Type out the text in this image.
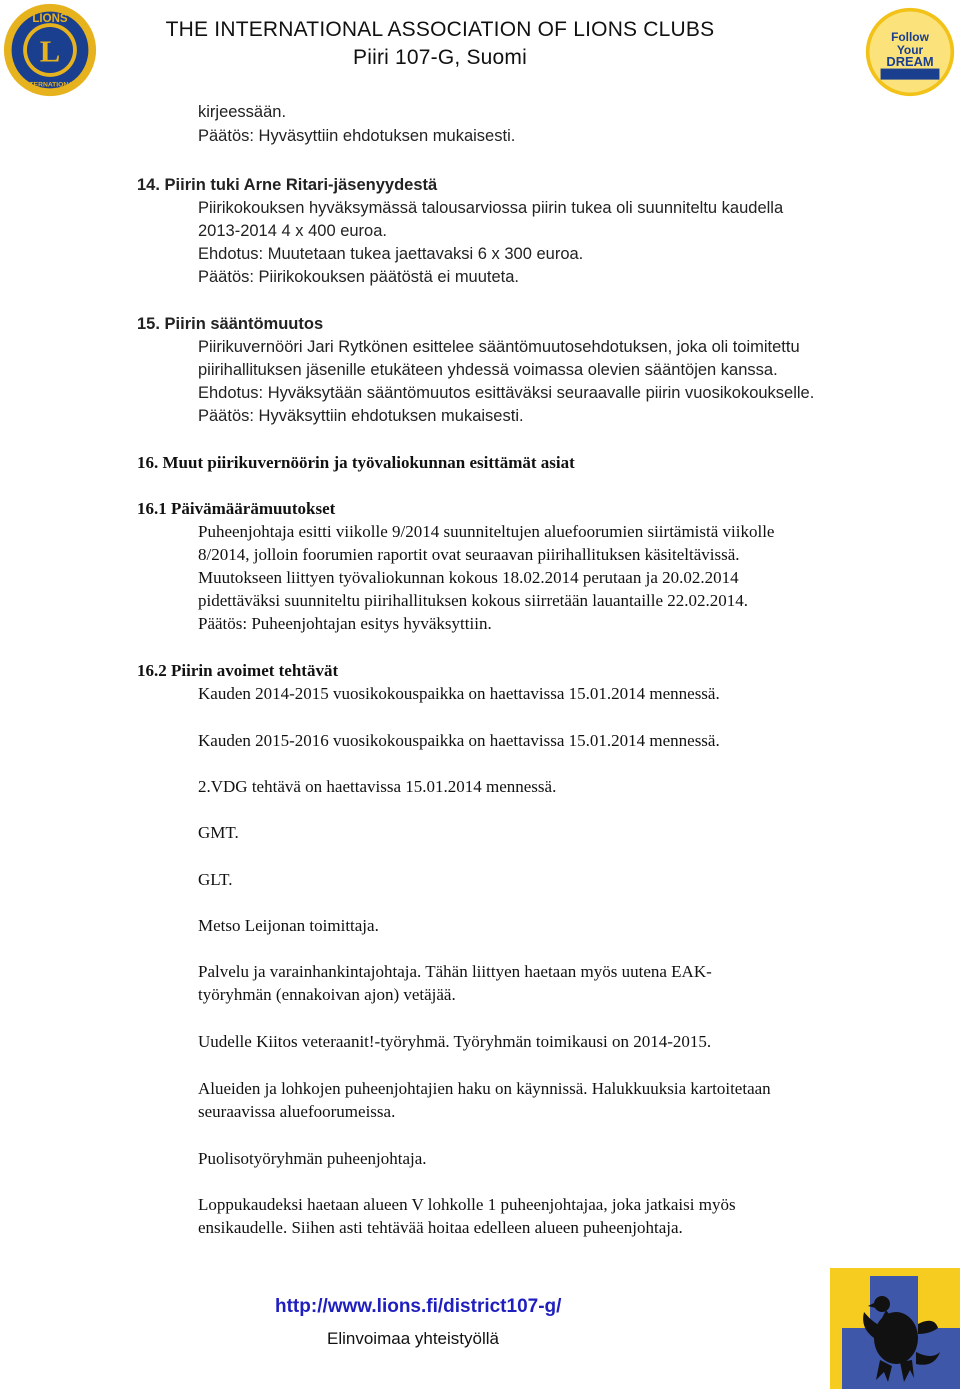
L
LIONS
INTERNATIONAL
THE INTERNATIONAL ASSOCIATION OF LIONS CLUBS
Piiri 107-G, Suomi
Follow
Your
DREAM
kirjeessään.
Päätös: Hyväsyttiin ehdotuksen mukaisesti.
14. Piirin tuki Arne Ritari-jäsenyydestä
Piirikokouksen hyväksymässä talousarviossa piirin tukea oli suunniteltu kaudella
2013-2014 4 x 400 euroa.
Ehdotus: Muutetaan tukea jaettavaksi 6 x 300 euroa.
Päätös: Piirikokouksen päätöstä ei muuteta.
15. Piirin sääntömuutos
Piirikuvernööri Jari Rytkönen esittelee sääntömuutosehdotuksen, joka oli toimitettu
piirihallituksen jäsenille etukäteen yhdessä voimassa olevien sääntöjen kanssa.
Ehdotus: Hyväksytään sääntömuutos esittäväksi seuraavalle piirin vuosikokoukselle.
Päätös: Hyväksyttiin ehdotuksen mukaisesti.
16. Muut piirikuvernöörin ja työvaliokunnan esittämät asiat
16.1 Päivämäärämuutokset
Puheenjohtaja esitti viikolle 9/2014 suunniteltujen aluefoorumien siirtämistä viikolle
8/2014, jolloin foorumien raportit ovat seuraavan piirihallituksen käsiteltävissä.
Muutokseen liittyen työvaliokunnan kokous 18.02.2014 perutaan ja 20.02.2014
pidettäväksi suunniteltu piirihallituksen kokous siirretään lauantaille 22.02.2014.
Päätös: Puheenjohtajan esitys hyväksyttiin.
16.2 Piirin avoimet tehtävät
Kauden 2014-2015 vuosikokouspaikka on haettavissa 15.01.2014 mennessä.
Kauden 2015-2016 vuosikokouspaikka on haettavissa 15.01.2014 mennessä.
2.VDG tehtävä on haettavissa 15.01.2014 mennessä.
GMT.
GLT.
Metso Leijonan toimittaja.
Palvelu ja varainhankintajohtaja. Tähän liittyen haetaan myös uutena EAK-
työryhmän (ennakoivan ajon) vetäjää.
Uudelle Kiitos veteraanit!-työryhmä. Työryhmän toimikausi on 2014-2015.
Alueiden ja lohkojen puheenjohtajien haku on käynnissä. Halukkuuksia kartoitetaan
seuraavissa aluefoorumeissa.
Puolisotyöryhmän puheenjohtaja.
Loppukaudeksi haetaan alueen V lohkolle 1 puheenjohtajaa, joka jatkaisi myös
ensikaudelle. Siihen asti tehtävää hoitaa edelleen alueen puheenjohtaja.
http://www.lions.fi/district107-g/
Elinvoimaa yhteistyöllä
